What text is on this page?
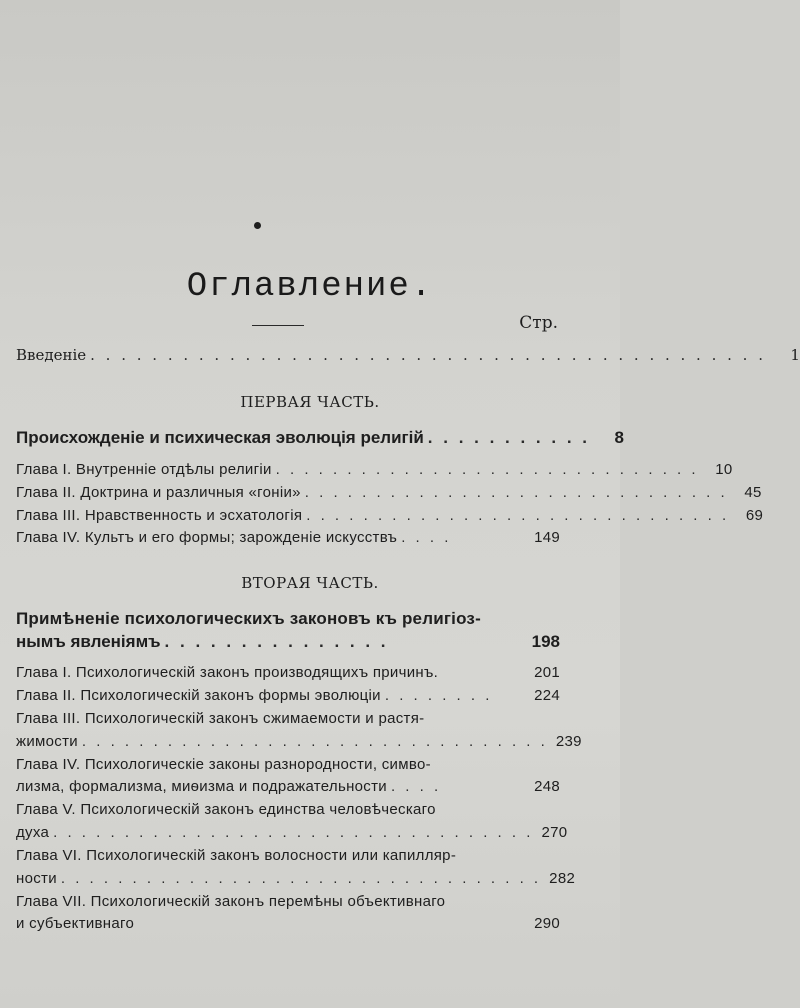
Оглавление.
Стр.
Введеніе . . . . . . . . . . . . . . . . . . . . . . . . . . . . . . . . . . . . . . . . . . . .	1
ПЕРВАЯ ЧАСТЬ.
Происхожденіе и психическая эволюція религій . . . . . . . . . . .	8
Глава I. Внутренніе отдѣлы религіи . . . . . . . . . . . . . . . . . . . . . . . . . . . . . .	10
Глава II. Доктрина и различныя «гоніи» . . . . . . . . . . . . . . . . . . . . . . . . . . . . . .	45
Глава III. Нравственность и эсхатологія . . . . . . . . . . . . . . . . . . . . . . . . . . . . . .	69
Глава IV. Культъ и его формы; зарожденіе искусствъ . . . .	149
ВТОРАЯ ЧАСТЬ.
Примѣненіе психологическихъ законовъ къ религіоз-
нымъ явленіямъ . . . . . . . . . . . . . . .	198
Глава I. Психологическій законъ производящихъ причинъ.	201
Глава II. Психологическій законъ формы эволюціи . . . . . . . .	224
Глава III. Психологическій законъ сжимаемости и растя-
жимости . . . . . . . . . . . . . . . . . . . . . . . . . . . . . . . . . 239
Глава IV. Психологическіе законы разнородности, симво-
лизма, формализма, миѳизма и подражательности . . . .	248
Глава V. Психологическій законъ единства человѣческаго
духа . . . . . . . . . . . . . . . . . . . . . . . . . . . . . . . . . . 270
Глава VI. Психологическій законъ волосности или капилляр-
ности . . . . . . . . . . . . . . . . . . . . . . . . . . . . . . . . . . 282
Глава VII. Психологическій законъ перемѣны объективнаго
и субъективнаго	290
